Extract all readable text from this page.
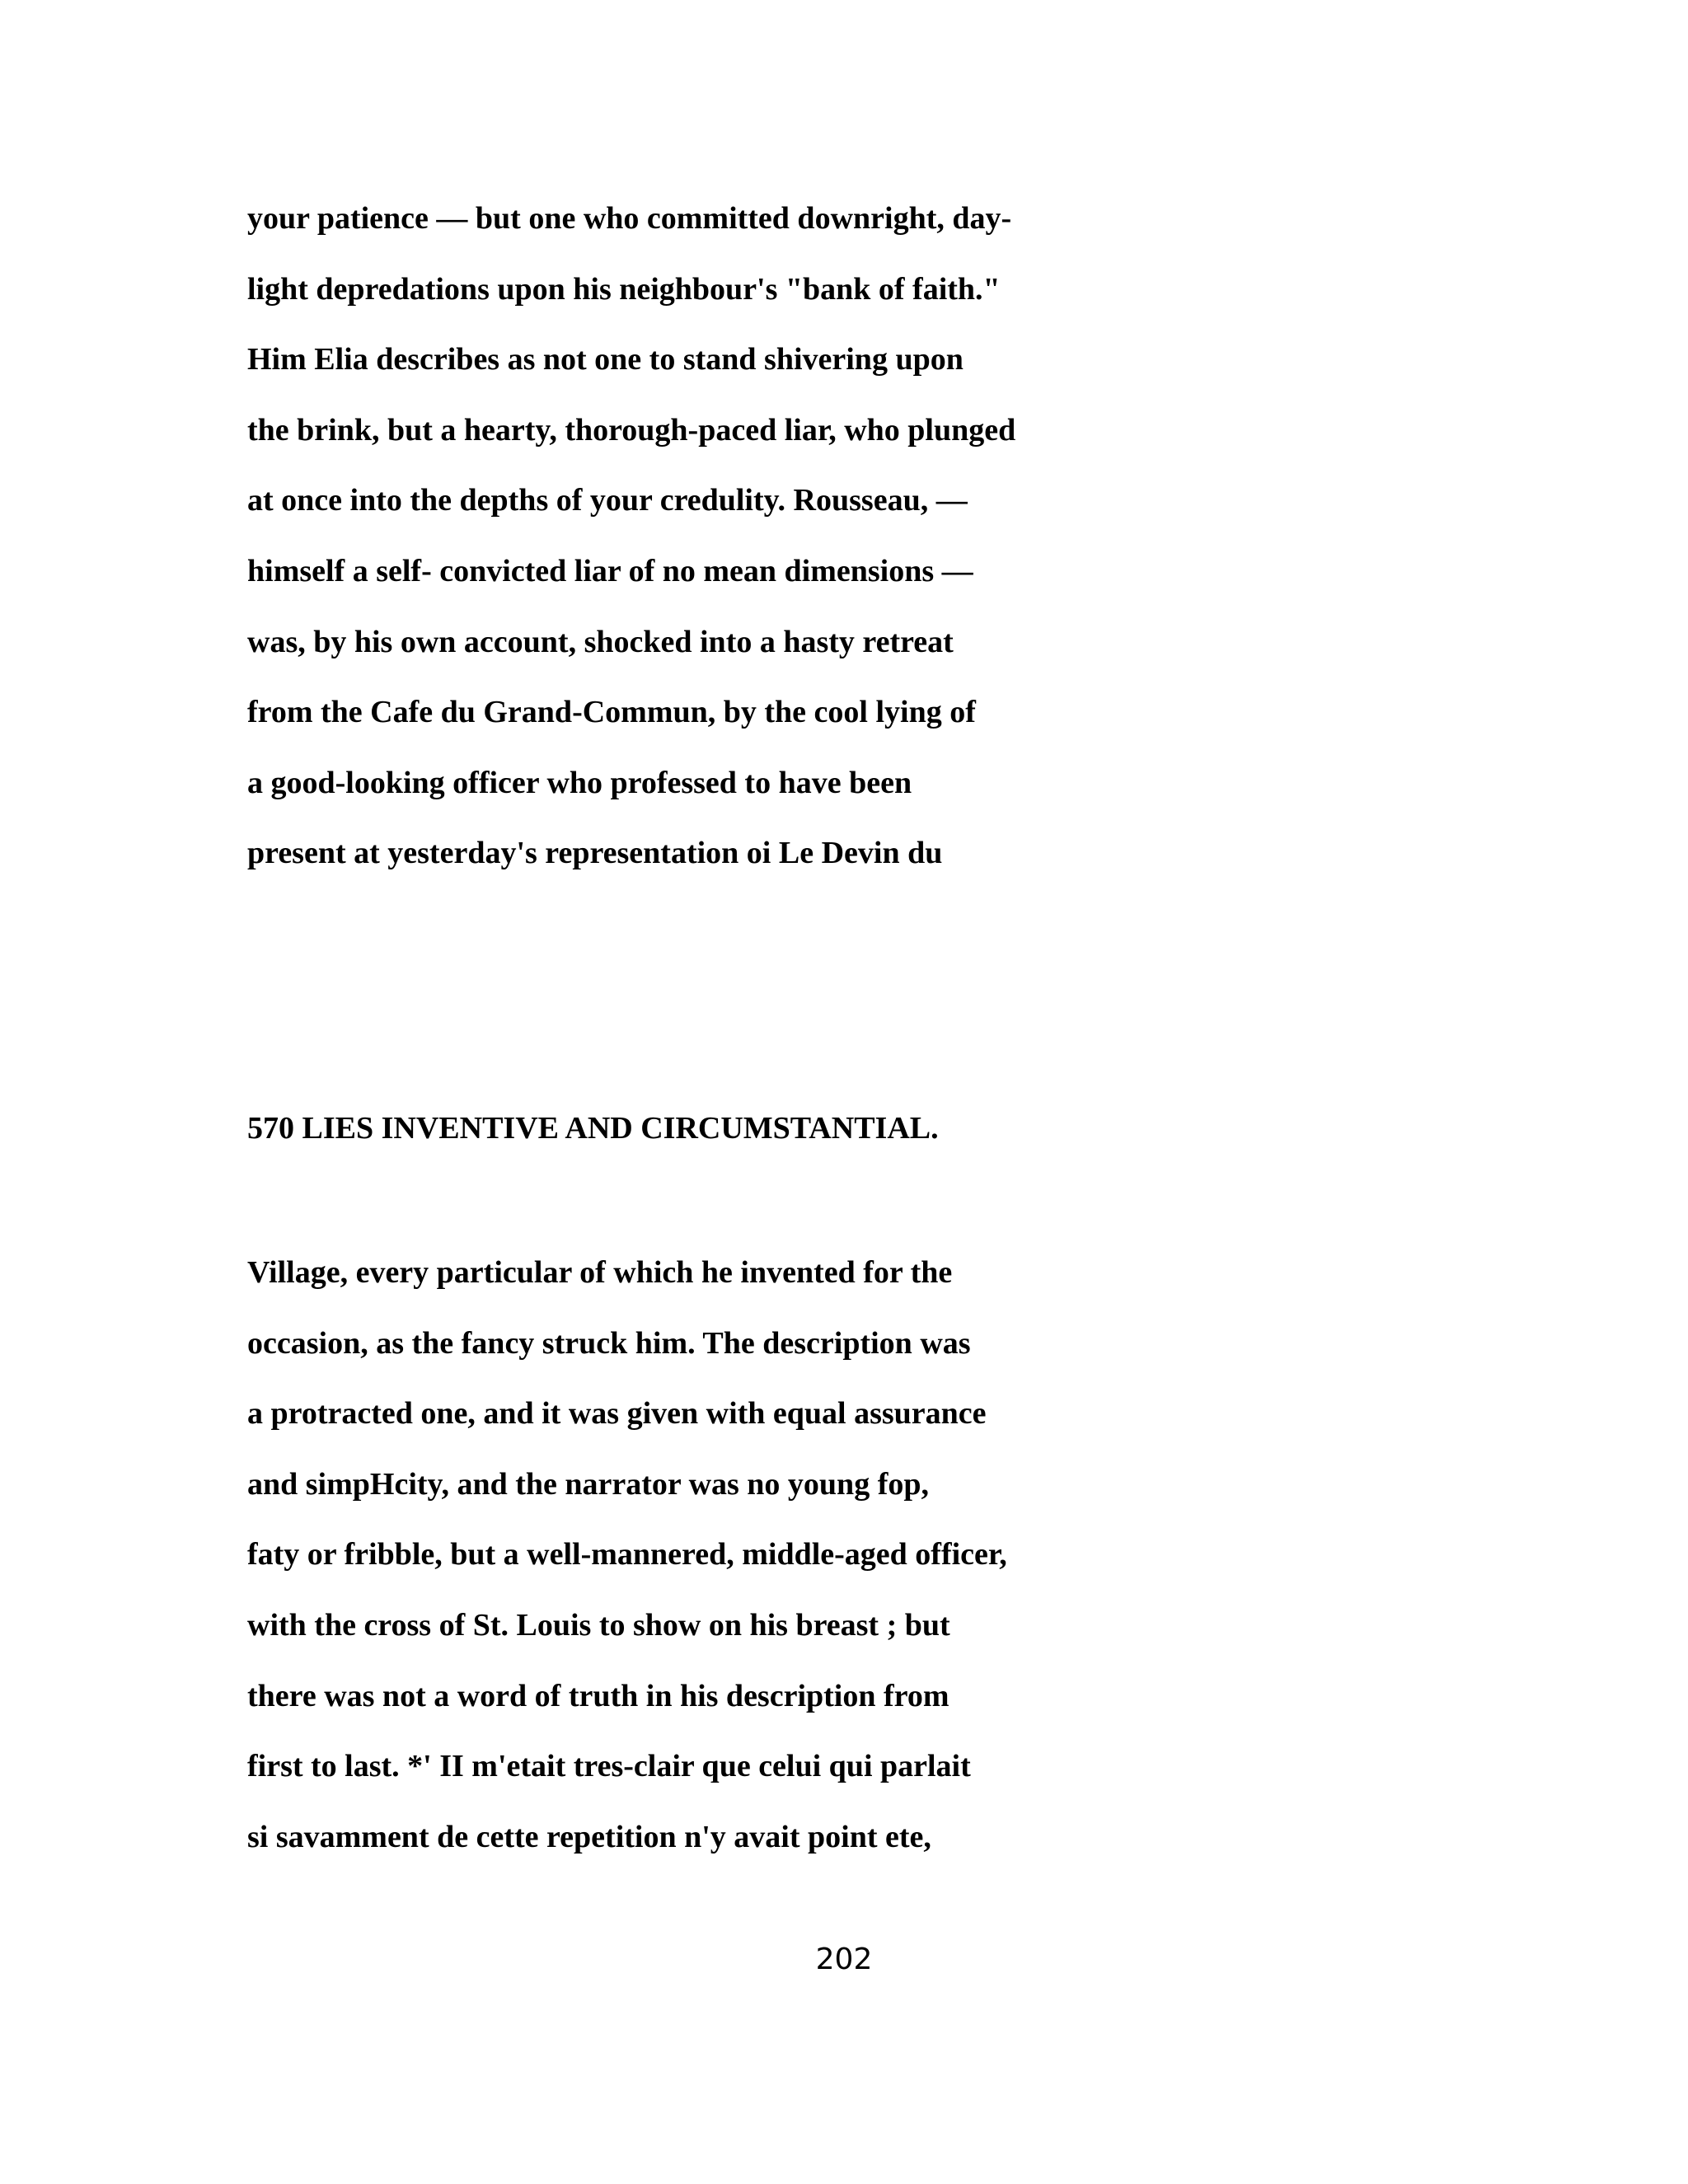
your patience — but one who committed downright, day-
light depredations upon his neighbour's "bank of faith."
Him Elia describes as not one to stand shivering upon
the brink, but a hearty, thorough-paced liar, who plunged
at once into the depths of your credulity. Rousseau, —
himself a self- convicted liar of no mean dimensions —
was, by his own account, shocked into a hasty retreat
from the Cafe du Grand-Commun, by the cool lying of
a good-looking officer who professed to have been
present at yesterday's representation oi Le Devin du
570 LIES INVENTIVE AND CIRCUMSTANTIAL.
Village, every particular of which he invented for the
occasion, as the fancy struck him. The description was
a protracted one, and it was given with equal assurance
and simpHcity, and the narrator was no young fop,
faty or fribble, but a well-mannered, middle-aged officer,
with the cross of St. Louis to show on his breast ; but
there was not a word of truth in his description from
first to last. *' II m'etait tres-clair que celui qui parlait
si savamment de cette repetition n'y avait point ete,
202
